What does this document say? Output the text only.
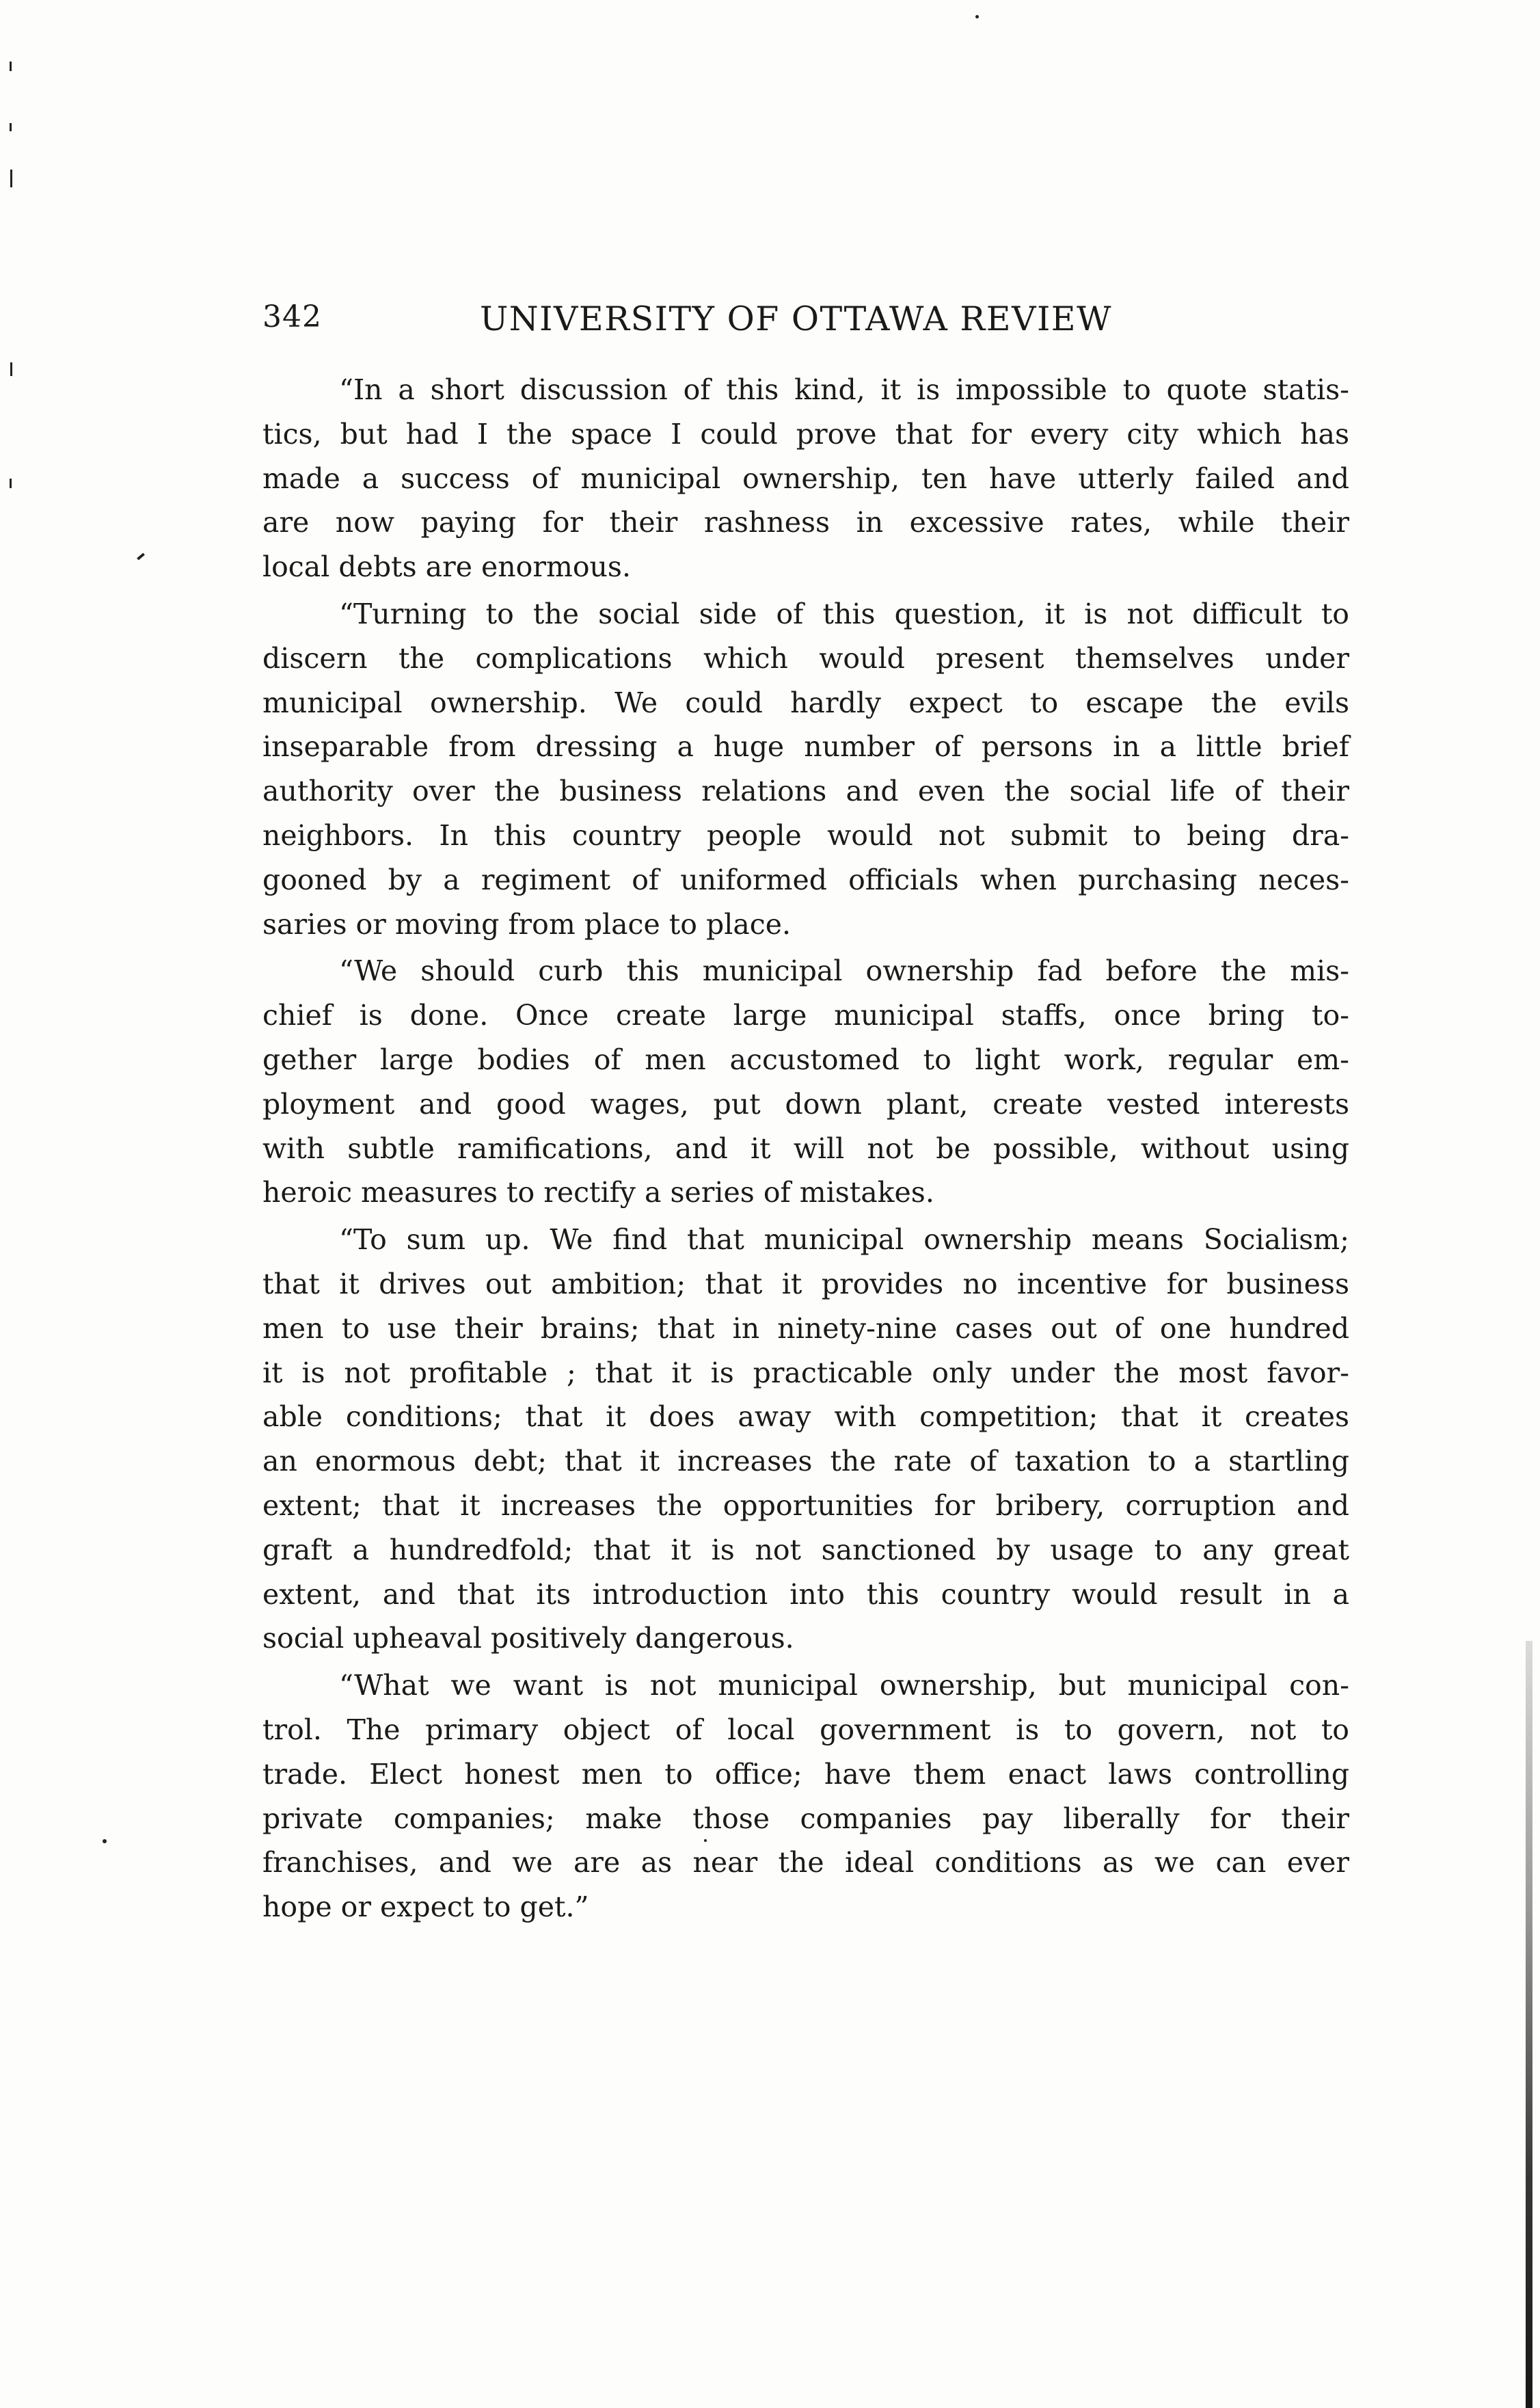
342	UNIVERSITY OF OTTAWA REVIEW

“In a short discussion of this kind, it is impossible to quote statis-
tics, but had I the space I could prove that for every city which has
made a success of municipal ownership, ten have utterly failed and
are now paying for their rashness in excessive rates, while their
local debts are enormous.

“Turning to the social side of this question, it is not difficult to
discern the complications which would present themselves under
municipal ownership. We could hardly expect to escape the evils
inseparable from dressing a huge number of persons in a little brief
authority over the business relations and even the social life of their
neighbors. In this country people would not submit to being dra-
gooned by a regiment of uniformed officials when purchasing neces-
saries or moving from place to place.

“We should curb this municipal ownership fad before the mis-
chief is done. Once create large municipal staffs, once bring to-
gether large bodies of men accustomed to light work, regular em-
ployment and good wages, put down plant, create vested interests
with subtle ramifications, and it will not be possible, without using
heroic measures to rectify a series of mistakes.

“To sum up. We find that municipal ownership means Socialism;
that it drives out ambition; that it provides no incentive for business
men to use their brains; that in ninety-nine cases out of one hundred
it is not profitable ; that it is practicable only under the most favor-
able conditions; that it does away with competition; that it creates
an enormous debt; that it increases the rate of taxation to a startling
extent; that it increases the opportunities for bribery, corruption and
graft a hundredfold; that it is not sanctioned by usage to any great
extent, and that its introduction into this country would result in a
social upheaval positively dangerous.

“What we want is not municipal ownership, but municipal con-
trol. The primary object of local government is to govern, not to
trade. Elect honest men to office; have them enact laws controlling
private companies; make those companies pay liberally for their
franchises, and we are as near the ideal conditions as we can ever
hope or expect to get.”
